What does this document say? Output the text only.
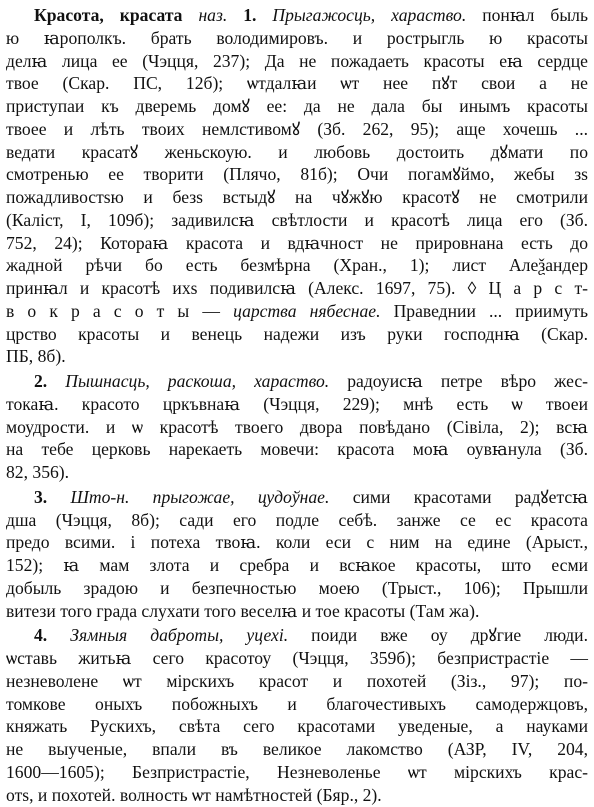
Красота, красата наз. 1. Прыгажосць, хараство. понꙗл быль
ю ꙗрополкъ. брать володимировъ. и рострыгль ю красоты
делꙗ лица ее (Чэцця, 237); Да не пожадаеть красоты еꙗ сердце
твое (Скар. ПС, 12б); ѡтдалꙗи ѡт нее пꙋт свои а не
приступаи къ дверемь домꙋ ее: да не дала бы инымъ красоты
твоее и лѣть твоих немлстивомꙋ (Зб. 262, 95); аще хочешь ...
ведати красатꙋ женьскоую. и любовь достоить дꙋмати по
смотренью ее творити (Плячо, 81б); Очи погамꙋймо, жебы зѕ
пожадливостѕю и безѕ встыдꙋ на чꙋжꙋю красотꙋ не смотрили
(Каліст, І, 109б); задивилсꙗ свѣтлости и красотѣ лица его (Зб.
752, 24); Котораꙗ красота и вдꙗчност не прировнана есть до
жадной рѣчи бо есть безмѣрна (Хран., 1); лист Алеѯандер
принꙗл и красотѣ ихѕ подивилсꙗ (Алекс. 1697, 75). ◊ Ц а р с т-
в о к р а с о т ы — царства нябеснае. Праведнии ... приимуть
црство красоты и венець надежи изъ руки господнꙗ (Скар.
ПБ, 8б).
2. Пышнасць, раскоша, хараство. радоуисꙗ петре вѣро жес-
токаꙗ. красото цркъвнаꙗ (Чэцця, 229); мнѣ есть ѡ твоеи
моудрости. и ѡ красотѣ твоего двора повѣдано (Сівіла, 2); всꙗ
на тебе церковь нарекаеть мовечи: красота моꙗ оувꙗнула (Зб.
82, 356).
3. Што-н. прыгожае, цудоўнае. сими красотами радꙋетсꙗ
дша (Чэцця, 8б); сади его подле себѣ. занже се ес красота
предо всими. і потеха твоꙗ. коли еси с ним на едине (Арыст.,
152); ꙗ мам злота и сребра и всꙗкое красоты, што есми
добыль зрадою и безпечностью моею (Трыст., 106); Прышли
витези того града слухати того веселꙗ и тое красоты (Там жа).
4. Зямныя даброты, уцехі. поиди вже оу дрꙋгие люди.
ѡставь житьꙗ сего красотоу (Чэцця, 359б); безпристрастіе —
незневолене ѡт мірскихъ красот и похотей (Зіз., 97); по-
томкове оныхъ побожныхъ и благочестивыхъ самодержцовъ,
княжать Рускихъ, свѣта сего красотами уведеные, а науками
не выученые, впали въ великое лакомство (АЗР, IV, 204,
1600—1605); Безпристрастіе, Незневоленье ѡт мірскихъ крас-
отѕ, и похотей. волность ѡт намѣтностей (Бяр., 2).
